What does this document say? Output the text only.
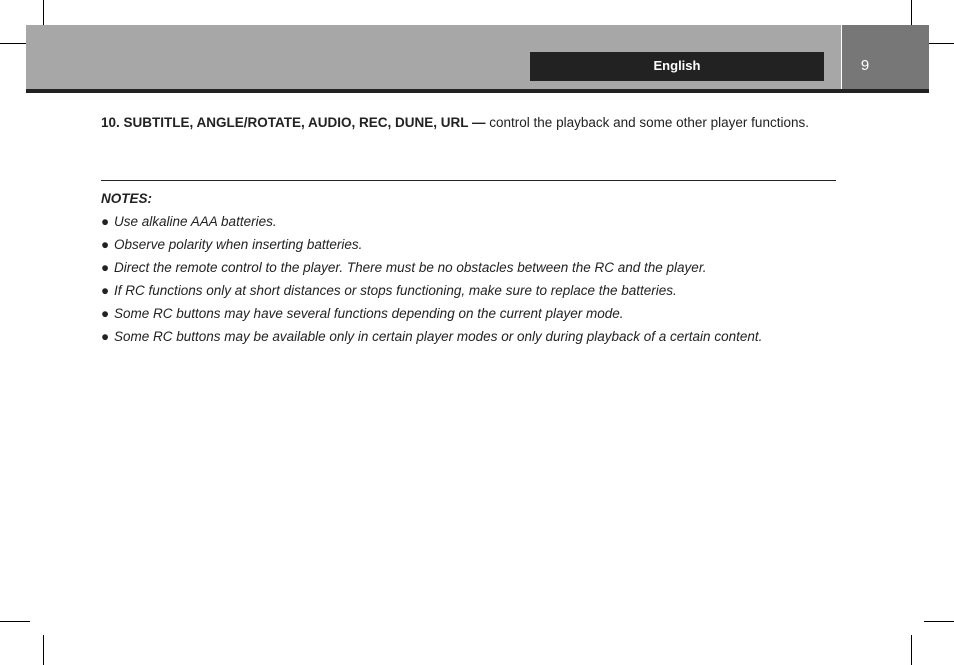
9
English

10. SUBTITLE, ANGLE/ROTATE, AUDIO, REC, DUNE, URL — control the playback and some other player functions.

NOTES:

● Use alkaline AAA batteries.

● Observe polarity when inserting batteries.

● Direct the remote control to the player. There must be no obstacles between the RC and the player.

● If RC functions only at short distances or stops functioning, make sure to replace the batteries.

● Some RC buttons may have several functions depending on the current player mode.

● Some RC buttons may be available only in certain player modes or only during playback of a certain content.
